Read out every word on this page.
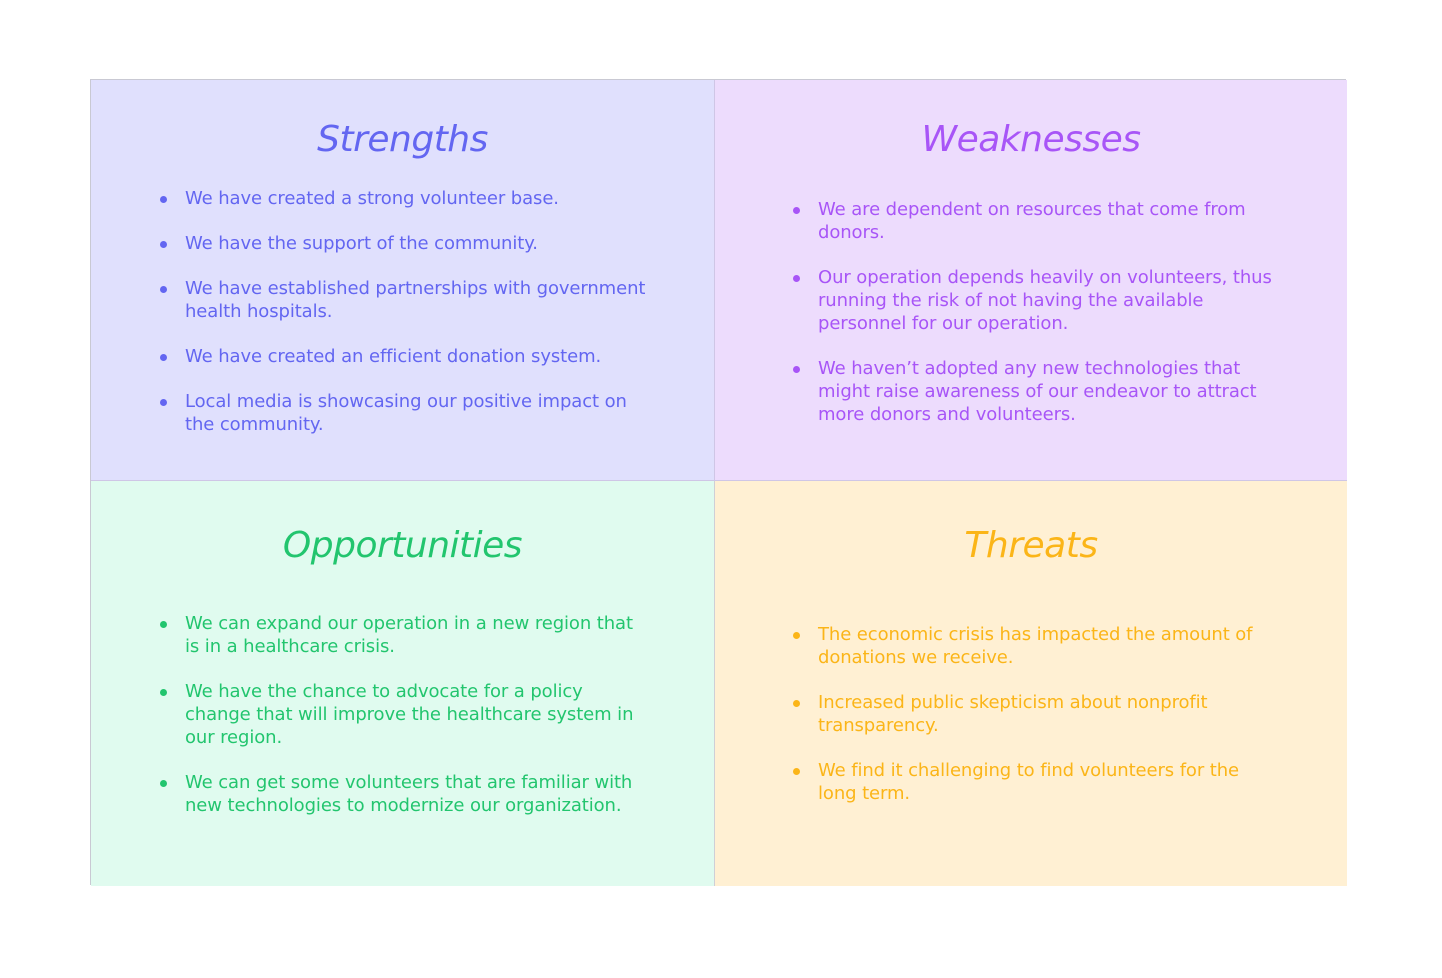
Strengths
We have created a strong volunteer base.
We have the support of the community.
We have established partnerships with government health hospitals.
We have created an efficient donation system.
Local media is showcasing our positive impact on the community.
Weaknesses
We are dependent on resources that come from donors.
Our operation depends heavily on volunteers, thus running the risk of not having the available personnel for our operation.
We haven’t adopted any new technologies that might raise awareness of our endeavor to attract more donors and volunteers.
Opportunities
We can expand our operation in a new region that is in a healthcare crisis.
We have the chance to advocate for a policy change that will improve the healthcare system in our region.
We can get some volunteers that are familiar with new technologies to modernize our organization.
Threats
The economic crisis has impacted the amount of donations we receive.
Increased public skepticism about nonprofit transparency.
We find it challenging to find volunteers for the long term.
